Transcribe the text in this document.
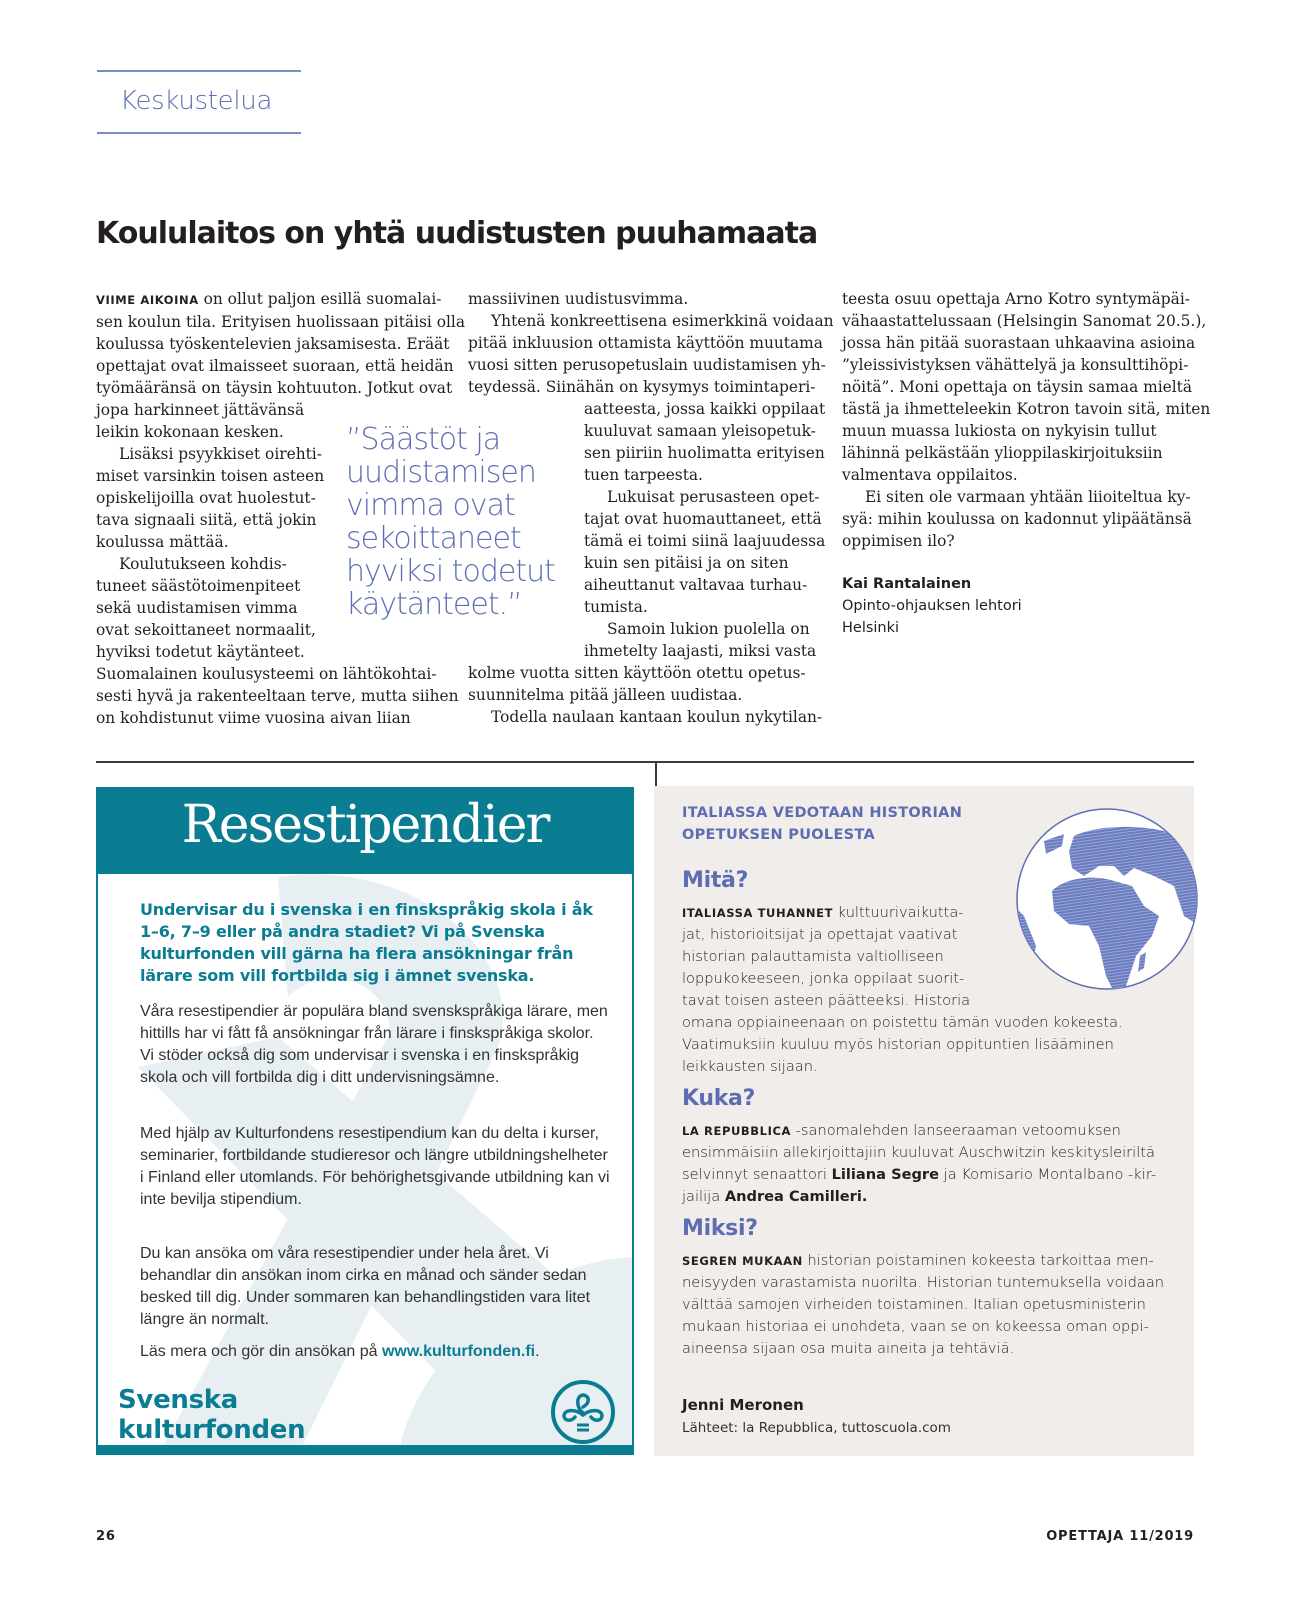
Keskustelua
Koululaitos on yhtä uudistusten puuhamaata
VIIME AIKOINA on ollut paljon esillä suomalai-
sen koulun tila. Erityisen huolissaan pitäisi olla
koulussa työskentelevien jaksamisesta. Eräät
opettajat ovat ilmaisseet suoraan, että heidän
työmääränsä on täysin kohtuuton. Jotkut ovat
jopa harkinneet jättävänsä
leikin kokonaan kesken.
Lisäksi psyykkiset oirehti-
miset varsinkin toisen asteen
opiskelijoilla ovat huolestut-
tava signaali siitä, että jokin
koulussa mättää.
Koulutukseen kohdis-
tuneet säästötoimenpiteet
sekä uudistamisen vimma
ovat sekoittaneet normaalit,
hyviksi todetut käytänteet.
Suomalainen koulusysteemi on lähtökohtai-
sesti hyvä ja rakenteeltaan terve, mutta siihen
on kohdistunut viime vuosina aivan liian
”Säästöt ja
uudistamisen
vimma ovat
sekoittaneet
hyviksi todetut
käytänteet.”
massiivinen uudistusvimma.
Yhtenä konkreettisena esimerkkinä voidaan
pitää inkluusion ottamista käyttöön muutama
vuosi sitten perusopetuslain uudistamisen yh-
teydessä. Siinähän on kysymys toimintaperi-
aatteesta, jossa kaikki oppilaat
kuuluvat samaan yleisopetuk-
sen piiriin huolimatta erityisen
tuen tarpeesta.
Lukuisat perusasteen opet-
tajat ovat huomauttaneet, että
tämä ei toimi siinä laajuudessa
kuin sen pitäisi ja on siten
aiheuttanut valtavaa turhau-
tumista.
Samoin lukion puolella on
ihmetelty laajasti, miksi vasta
kolme vuotta sitten käyttöön otettu opetus-
suunnitelma pitää jälleen uudistaa.
Todella naulaan kantaan koulun nykytilan-
teesta osuu opettaja Arno Kotro syntymäpäi-
vähaastattelussaan (Helsingin Sanomat 20.5.),
jossa hän pitää suorastaan uhkaavina asioina
”yleissivistyksen vähättelyä ja konsulttihöpi-
nöitä”. Moni opettaja on täysin samaa mieltä
tästä ja ihmetteleekin Kotron tavoin sitä, miten
muun muassa lukiosta on nykyisin tullut
lähinnä pelkästään ylioppilaskirjoituksiin
valmentava oppilaitos.
Ei siten ole varmaan yhtään liioiteltua ky-
syä: mihin koulussa on kadonnut ylipäätänsä
oppimisen ilo?
Kai Rantalainen
Opinto-ohjauksen lehtori
Helsinki
Resestipendier
Undervisar du i svenska i en finskspråkig skola i åk 1–6, 7–9 eller på andra stadiet? Vi på Svenska kulturfonden vill gärna ha flera ansökningar från lärare som vill fortbilda sig i ämnet svenska.
Våra resestipendier är populära bland svenskspråkiga lärare, men hittills har vi fått få ansökningar från lärare i finskspråkiga skolor. Vi stöder också dig som undervisar i svenska i en finskspråkig skola och vill fortbilda dig i ditt undervisningsämne.
Med hjälp av Kulturfondens resestipendium kan du delta i kurser, seminarier, fortbildande studieresor och längre utbildningshelheter i Finland eller utomlands. För behörighetsgivande utbildning kan vi inte bevilja stipendium.
Du kan ansöka om våra resestipendier under hela året. Vi behandlar din ansökan inom cirka en månad och sänder sedan besked till dig. Under sommaren kan behandlingstiden vara litet längre än normalt.
Läs mera och gör din ansökan på www.kulturfonden.fi.
Svenska
kulturfonden
ITALIASSA VEDOTAAN HISTORIAN
OPETUKSEN PUOLESTA
Mitä?
ITALIASSA TUHANNET kulttuurivaikutta-
jat, historioitsijat ja opettajat vaativat
historian palauttamista valtiolliseen
loppukokeeseen, jonka oppilaat suorit-
tavat toisen asteen päätteeksi. Historia
omana oppiaineenaan on poistettu tämän vuoden kokeesta.
Vaatimuksiin kuuluu myös historian oppituntien lisääminen
leikkausten sijaan.
Kuka?
LA REPUBBLICA -sanomalehden lanseeraaman vetoomuksen
ensimmäisiin allekirjoittajiin kuuluvat Auschwitzin keskitysleiriltä
selvinnyt senaattori Liliana Segre ja Komisario Montalbano -kir-
jailija Andrea Camilleri.
Miksi?
SEGREN MUKAAN historian poistaminen kokeesta tarkoittaa men-
neisyyden varastamista nuorilta. Historian tuntemuksella voidaan
välttää samojen virheiden toistaminen. Italian opetusministerin
mukaan historiaa ei unohdeta, vaan se on kokeessa oman oppi-
aineensa sijaan osa muita aineita ja tehtäviä.
Jenni Meronen
Lähteet: la Repubblica, tuttoscuola.com
26	OPETTAJA 11/2019
